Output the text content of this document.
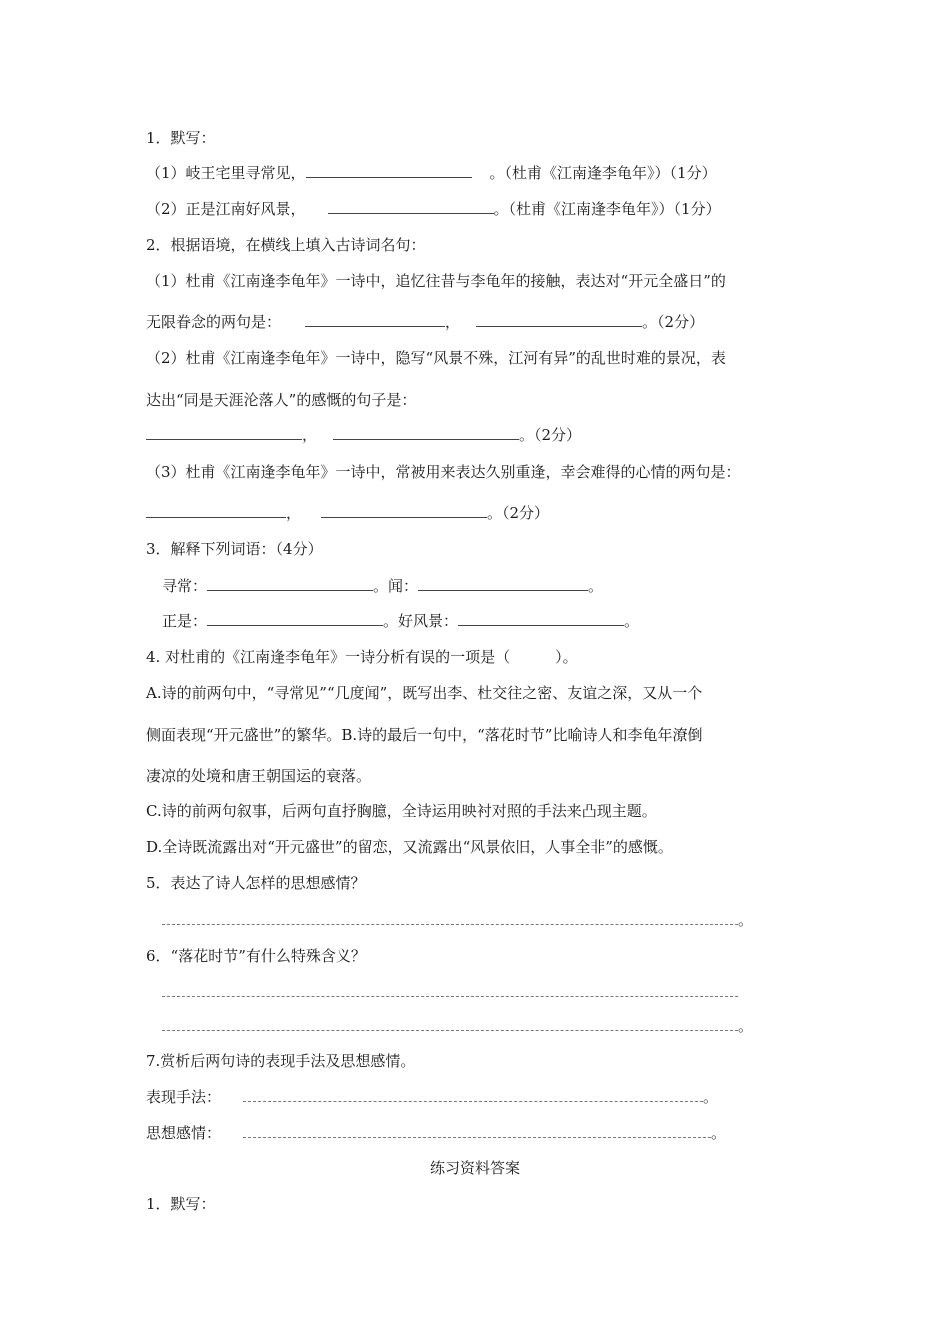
1．默写：
（1）岐王宅里寻常见，	。（杜甫《江南逢李龟年》）（1分）
（2）正是江南好风景，	。（杜甫《江南逢李龟年》）（1分）
2．根据语境，在横线上填入古诗词名句：
（1）杜甫《江南逢李龟年》一诗中，追忆往昔与李龟年的接触，表达对“开元全盛日”的
无限眷念的两句是：	，	。（2分）
（2）杜甫《江南逢李龟年》一诗中，隐写“风景不殊，江河有异”的乱世时难的景况，表
达出“同是天涯沦落人”的感慨的句子是：
，	。（2分）
（3）杜甫《江南逢李龟年》一诗中，常被用来表达久别重逢，幸会难得的心情的两句是：
，	。（2分）
3．解释下列词语：（4分）
寻常：	。闻：	。
正是：	。好风景：	。
4. 对杜甫的《江南逢李龟年》一诗分析有误的一项是（　　　）。
A.诗的前两句中，“寻常见”“几度闻”，既写出李、杜交往之密、友谊之深，又从一个
侧面表现“开元盛世”的繁华。B.诗的最后一句中，“落花时节”比喻诗人和李龟年潦倒
凄凉的处境和唐王朝国运的衰落。
C.诗的前两句叙事，后两句直抒胸臆，全诗运用映衬对照的手法来凸现主题。
D.全诗既流露出对“开元盛世”的留恋，又流露出“风景依旧，人事全非”的感慨。
5．表达了诗人怎样的思想感情？
。
6．“落花时节”有什么特殊含义？
。
7.赏析后两句诗的表现手法及思想感情。
表现手法：	。
思想感情：	。
练习资料答案
1．默写：
